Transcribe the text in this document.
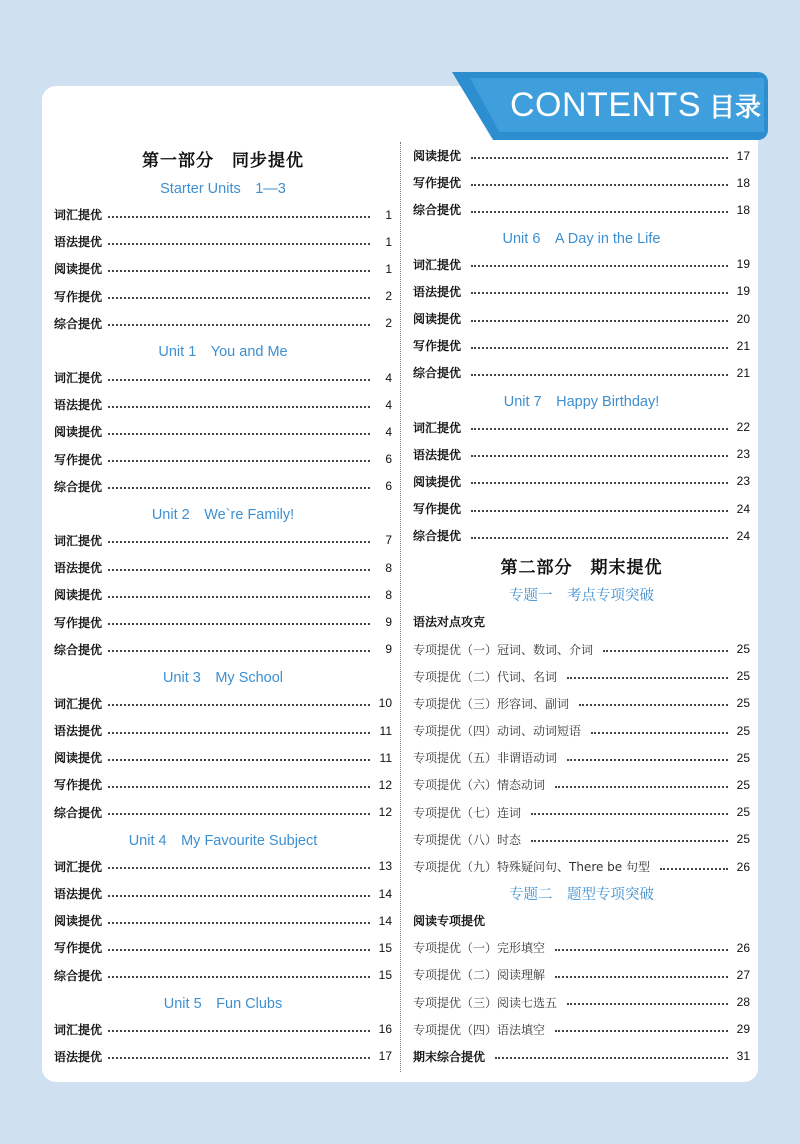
CONTENTS 目录
第一部分　同步提优
Starter Units　1—3
词汇提优	1
语法提优	1
阅读提优	1
写作提优	2
综合提优	2
Unit 1　You and Me
词汇提优	4
语法提优	4
阅读提优	4
写作提优	6
综合提优	6
Unit 2　We`re Family!
词汇提优	7
语法提优	8
阅读提优	8
写作提优	9
综合提优	9
Unit 3　My School
词汇提优	10
语法提优	11
阅读提优	11
写作提优	12
综合提优	12
Unit 4　My Favourite Subject
词汇提优	13
语法提优	14
阅读提优	14
写作提优	15
综合提优	15
Unit 5　Fun Clubs
词汇提优	16
语法提优	17
阅读提优	17
写作提优	18
综合提优	18
Unit 6　A Day in the Life
词汇提优	19
语法提优	19
阅读提优	20
写作提优	21
综合提优	21
Unit 7　Happy Birthday!
词汇提优	22
语法提优	23
阅读提优	23
写作提优	24
综合提优	24
第二部分　期末提优
专题一　考点专项突破
语法对点攻克
专项提优（一）冠词、数词、介词	25
专项提优（二）代词、名词	25
专项提优（三）形容词、副词	25
专项提优（四）动词、动词短语	25
专项提优（五）非谓语动词	25
专项提优（六）情态动词	25
专项提优（七）连词	25
专项提优（八）时态	25
专项提优（九）特殊疑问句、There be 句型	26
专题二　题型专项突破
阅读专项提优
专项提优（一）完形填空	26
专项提优（二）阅读理解	27
专项提优（三）阅读七选五	28
专项提优（四）语法填空	29
期末综合提优	31
